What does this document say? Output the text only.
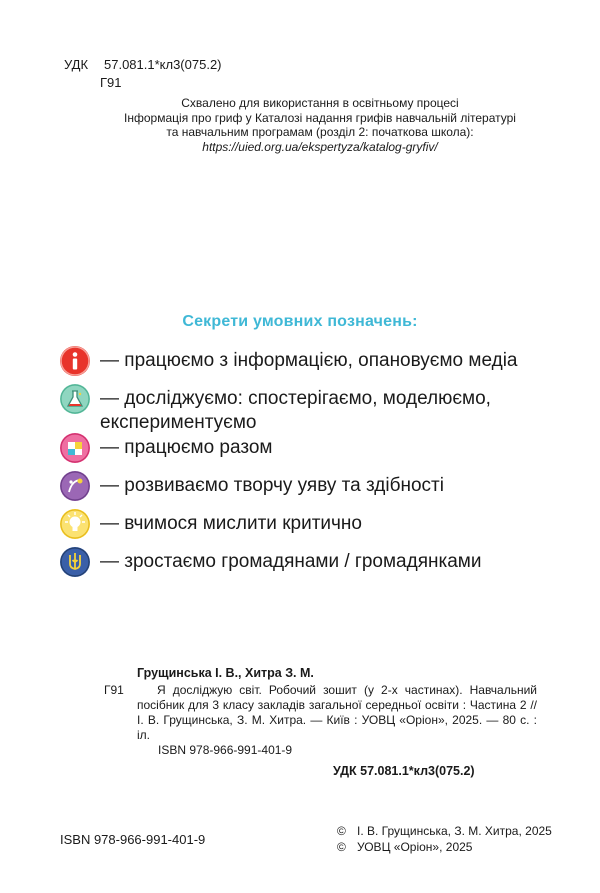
УДК 57.081.1*кл3(075.2)
Г91
Схвалено для використання в освітньому процесі
Інформація про гриф у Каталозі надання грифів навчальній літературі
та навчальним програмам (розділ 2: початкова школа):
https://uied.org.ua/ekspertyza/katalog-gryfiv/
Секрети умовних позначень:
— працюємо з інформацією, опановуємо медіа
— досліджуємо: спостерігаємо, моделюємо, експериментуємо
— працюємо разом
— розвиваємо творчу уяву та здібності
— вчимося мислити критично
— зростаємо громадянами / громадянками
Грущинська І. В., Хитра З. М.
Г91	Я досліджую світ. Робочий зошит (у 2-х частинах). Навчальний посібник для 3 класу закладів загальної середньої освіти : Частина 2 // І. В. Грущинська, З. М. Хитра. — Київ : УОВЦ «Оріон», 2025. — 80 с. : іл.
ISBN 978-966-991-401-9
УДК 57.081.1*кл3(075.2)
ISBN 978-966-991-401-9
© І. В. Грущинська, З. М. Хитра, 2025
© УОВЦ «Оріон», 2025
